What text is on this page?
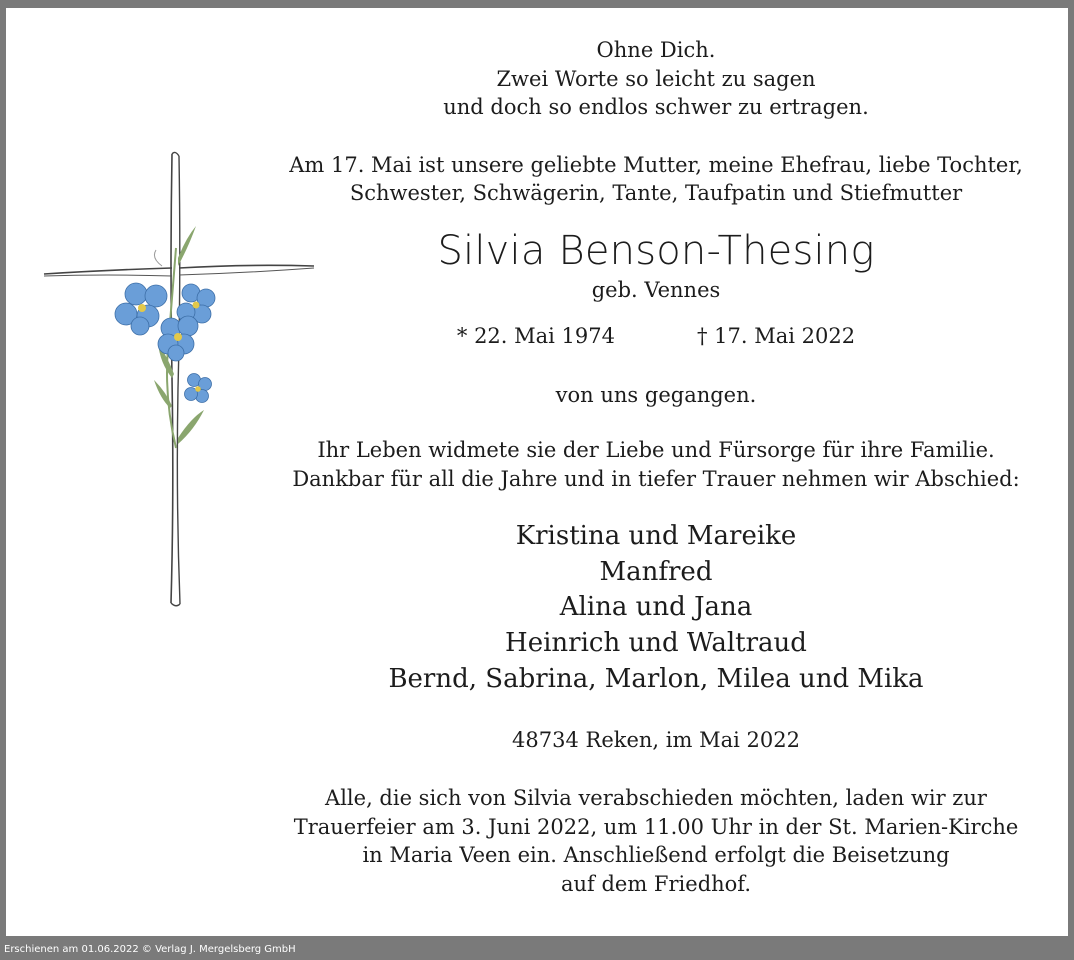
Ohne Dich.
Zwei Worte so leicht zu sagen
und doch so endlos schwer zu ertragen.
Am 17. Mai ist unsere geliebte Mutter, meine Ehefrau, liebe Tochter,
Schwester, Schwägerin, Tante, Taufpatin und Stiefmutter
Silvia Benson-Thesing
geb. Vennes
* 22. Mai 1974	† 17. Mai 2022
von uns gegangen.
Ihr Leben widmete sie der Liebe und Fürsorge für ihre Familie.
Dankbar für all die Jahre und in tiefer Trauer nehmen wir Abschied:
Kristina und Mareike
Manfred
Alina und Jana
Heinrich und Waltraud
Bernd, Sabrina, Marlon, Milea und Mika
48734 Reken, im Mai 2022
Alle, die sich von Silvia verabschieden möchten, laden wir zur
Trauerfeier am 3. Juni 2022, um 11.00 Uhr in der St. Marien-Kirche
in Maria Veen ein. Anschließend erfolgt die Beisetzung
auf dem Friedhof.
Erschienen am 01.06.2022 © Verlag J. Mergelsberg GmbH
